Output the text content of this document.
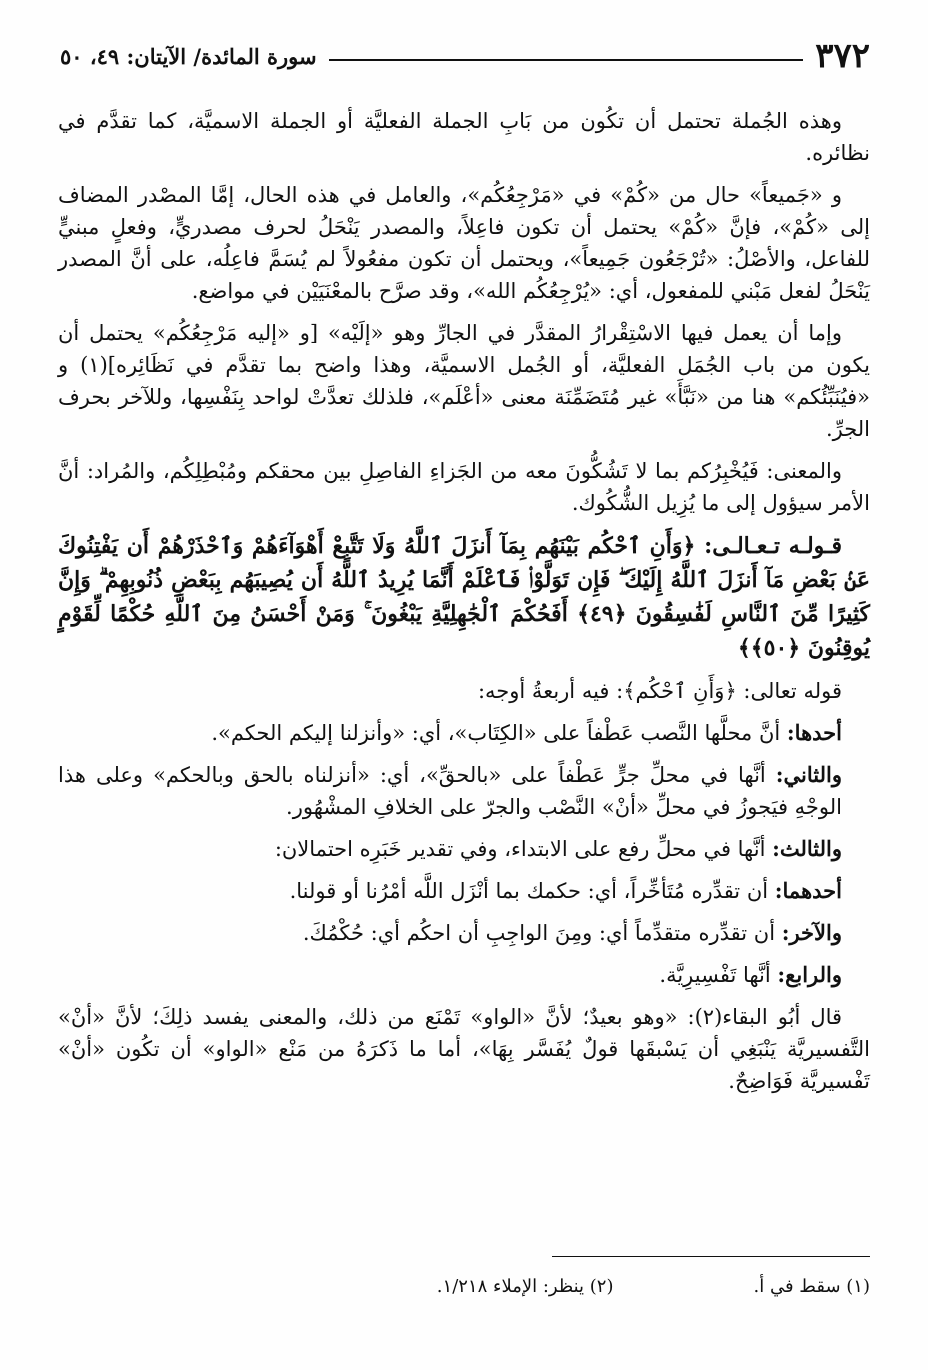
٣٧٢
سورة المائدة/ الآيتان: ٤٩، ٥٠

وهذه الجُملة تحتمل أن تكُون من بَابِ الجملة الفعليَّة أو الجملة الاسميَّة، كما تقدَّم في نظائره.

و «جَميعاً» حال من «كُمْ» في «مَرْجِعُكُم»، والعامل في هذه الحال، إمَّا المصْدر المضاف إلى «كُمْ»، فإنَّ «كُمْ» يحتمل أن تكون فاعِلاً، والمصدر يَنْحَلُ لحرف مصدريٍّ، وفعلٍ مبنيٍّ للفاعل، والأصْلُ: «تُرْجَعُون جَمِيعاً»، ويحتمل أن تكون مفعُولاً لم يُسَمَّ فاعِلُه، على أنَّ المصدر يَنْحَلُ لفعل مَبْني للمفعول، أي: «يُرْجِعُكُم الله»، وقد صرَّح بالمعْنَيَيْن في مواضع.

وإما أن يعمل فيها الاسْتِقْرارُ المقدَّر في الجارِّ وهو «إلَيْه» [و «إليه مَرْجِعُكُم» يحتمل أن يكون من باب الجُمَل الفعليَّة، أو الجُمل الاسميَّة، وهذا واضح بما تقدَّم في نَظَائِره](١) و «فيُنَبِّئُكم» هنا من «نَبَّأَ» غير مُتَضَمِّنَة معنى «أعْلَم»، فلذلك تعدَّتْ لواحد بِنَفْسِها، وللآخر بحرف الجرِّ.

والمعنى: فَيُخْبِرُكم بما لا تَشُكُّونَ معه من الجَزاءِ الفاصِلِ بين محقكم ومُبْطِلِكُم، والمُراد: أنَّ الأمر سيؤول إلى ما يُزِيل الشُّكُوك.

قـولـه تـعـالـى: ﴿وَأَنِ ٱحْكُم بَيْنَهُم بِمَآ أَنزَلَ ٱللَّهُ وَلَا تَتَّبِعْ أَهْوَآءَهُمْ وَٱحْذَرْهُمْ أَن يَفْتِنُوكَ عَنۢ بَعْضِ مَآ أَنزَلَ ٱللَّهُ إِلَيْكَ ۖ فَإِن تَوَلَّوْا۟ فَٱعْلَمْ أَنَّمَا يُرِيدُ ٱللَّهُ أَن يُصِيبَهُم بِبَعْضِ ذُنُوبِهِمْ ۗ وَإِنَّ كَثِيرًا مِّنَ ٱلنَّاسِ لَفَٰسِقُونَ ﴿٤٩﴾ أَفَحُكْمَ ٱلْجَٰهِلِيَّةِ يَبْغُونَ ۚ وَمَنْ أَحْسَنُ مِنَ ٱللَّهِ حُكْمًا لِّقَوْمٍ يُوقِنُونَ ﴿٥٠﴾﴾

قوله تعالى: ﴿وَأَنِ ٱحْكُم﴾: فيه أربعةُ أوجه:

أحدها: أنَّ محلَّها النَّصب عَطْفاً على «الكِتَاب»، أي: «وأنزلنا إليكم الحكم».

والثاني: أنَّها في محلِّ جرٍّ عَطْفاً على «بالحقِّ»، أي: «أنزلناه بالحق وبالحكم» وعلى هذا الوجْهِ فيَجوزُ في محلِّ «أنْ» النَّصْب والجرّ على الخلافِ المشْهُور.

والثالث: أنَّها في محلِّ رفع على الابتداء، وفي تقدير خَبَرِه احتمالان:

أحدهما: أن تقدِّره مُتَأخِّراً، أي: حكمك بما أنْزَل اللَّه أمْرُنا أو قولنا.

والآخر: أن تقدِّره متقدِّماً أي: ومِنَ الواجِبِ أن احكُم أي: حُكْمُكَ.

والرابع: أنَّها تَفْسِيرِيَّة.

قال أبُو البقاء(٢): «وهو بعيدٌ؛ لأنَّ «الواو» تَمْنَع من ذلك، والمعنى يفسد ذلِكَ؛ لأنَّ «أنْ» التَّفسيريَّة يَنْبَغِي أن يَسْبقَها قولٌ يُفَسَّر بِهَا»، أما ما ذَكرَهُ من مَنْع «الواو» أن تكُون «أنْ» تَفْسيريَّة فَوَاضِحٌ.

(١) سقط في أ.
(٢) ينظر: الإملاء ١/٢١٨.
